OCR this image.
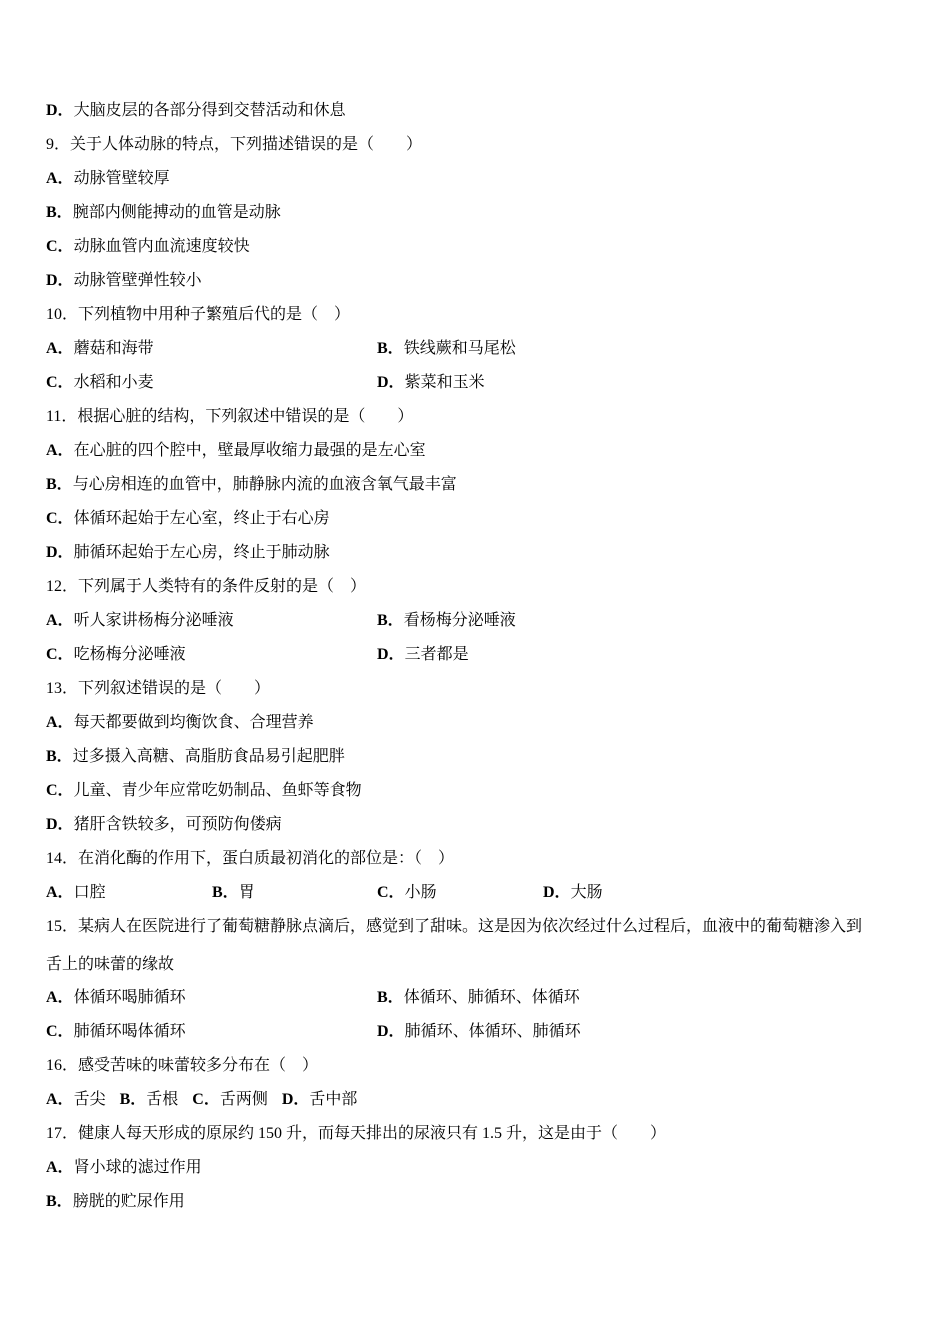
D．大脑皮层的各部分得到交替活动和休息
9．关于人体动脉的特点，下列描述错误的是（　　）
A．动脉管壁较厚
B．腕部内侧能搏动的血管是动脉
C．动脉血管内血流速度较快
D．动脉管壁弹性较小
10．下列植物中用种子繁殖后代的是（　）
A．蘑菇和海带	B．铁线蕨和马尾松
C．水稻和小麦	D．紫菜和玉米
11．根据心脏的结构，下列叙述中错误的是（　　）
A．在心脏的四个腔中，壁最厚收缩力最强的是左心室
B．与心房相连的血管中，肺静脉内流的血液含氧气最丰富
C．体循环起始于左心室，终止于右心房
D．肺循环起始于左心房，终止于肺动脉
12．下列属于人类特有的条件反射的是（　）
A．听人家讲杨梅分泌唾液	B．看杨梅分泌唾液
C．吃杨梅分泌唾液	D．三者都是
13．下列叙述错误的是（　　）
A．每天都要做到均衡饮食、合理营养
B．过多摄入高糖、高脂肪食品易引起肥胖
C．儿童、青少年应常吃奶制品、鱼虾等食物
D．猪肝含铁较多，可预防佝偻病
14．在消化酶的作用下，蛋白质最初消化的部位是：（　）
A．口腔	B．胃	C．小肠	D．大肠
15．某病人在医院进行了葡萄糖静脉点滴后，感觉到了甜味。这是因为依次经过什么过程后，血液中的葡萄糖渗入到
舌上的味蕾的缘故
A．体循环喝肺循环	B．体循环、肺循环、体循环
C．肺循环喝体循环	D．肺循环、体循环、肺循环
16．感受苦味的味蕾较多分布在（　）
A．舌尖 B．舌根 C．舌两侧 D．舌中部
17．健康人每天形成的原尿约 150 升，而每天排出的尿液只有 1.5 升，这是由于（　　）
A．肾小球的滤过作用
B．膀胱的贮尿作用
